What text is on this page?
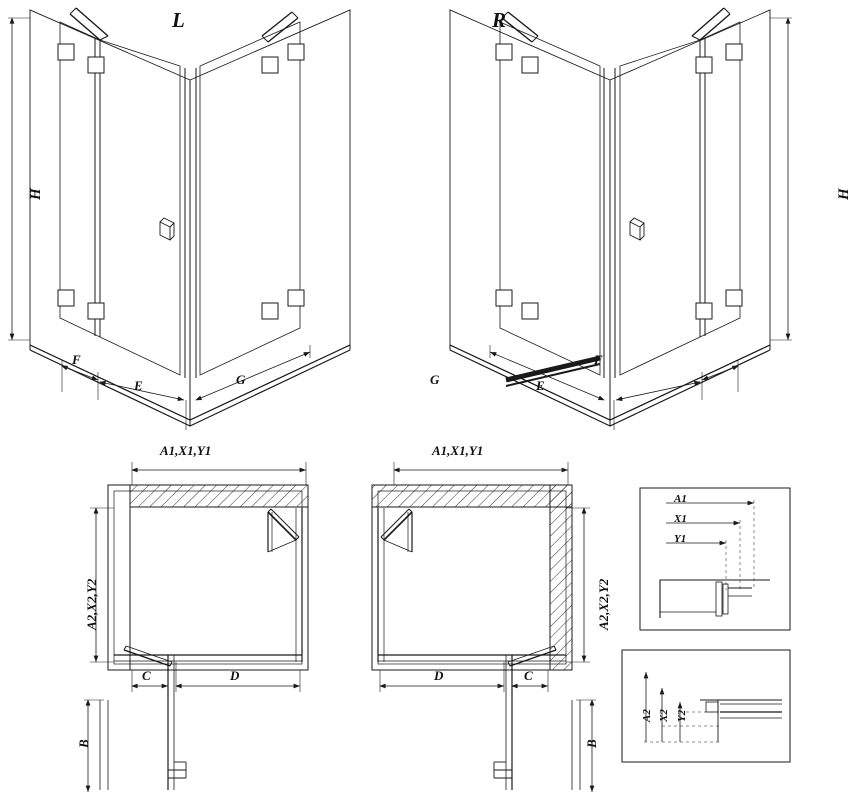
L	R
H	H
F
E	G
F
E
G
A1,X1,Y1
A2,X2,Y2
C	D
B
A1,X1,Y1
A2,X2,Y2
D	C
B
A1
X1
Y1
A2 X2 Y2
